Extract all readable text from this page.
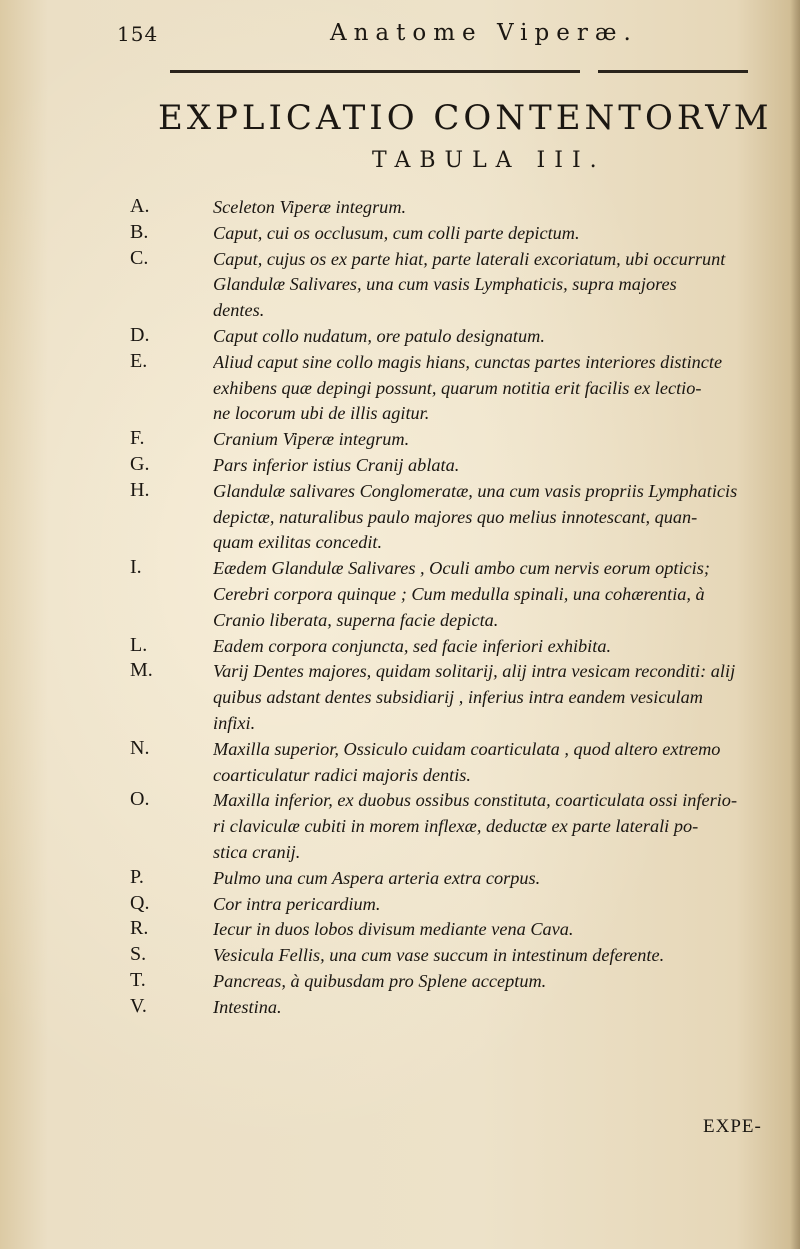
154	Anatome Viperæ.
EXPLICATIO CONTENTORVM
TABULA III.
A.	Sceleton Viperæ integrum.
B.	Caput, cui os occlusum, cum colli parte depictum.
C.	Caput, cujus os ex parte hiat, parte laterali excoriatum, ubi occurrunt
Glandulæ Salivares, una cum vasis Lymphaticis, supra majores
dentes.
D.	Caput collo nudatum, ore patulo designatum.
E.	Aliud caput sine collo magis hians, cunctas partes interiores distincte
exhibens quæ depingi possunt, quarum notitia erit facilis ex lectio-
ne locorum ubi de illis agitur.
F.	Cranium Viperæ integrum.
G.	Pars inferior istius Cranij ablata.
H.	Glandulæ salivares Conglomeratæ, una cum vasis propriis Lymphaticis
depictæ, naturalibus paulo majores quo melius innotescant, quan-
quam exilitas concedit.
I.	Eædem Glandulæ Salivares , Oculi ambo cum nervis eorum opticis;
Cerebri corpora quinque ; Cum medulla spinali, una cohærentia, à
Cranio liberata, superna facie depicta.
L.	Eadem corpora conjuncta, sed facie inferiori exhibita.
M.	Varij Dentes majores, quidam solitarij, alij intra vesicam reconditi: alij
quibus adstant dentes subsidiarij , inferius intra eandem vesiculam
infixi.
N.	Maxilla superior, Ossiculo cuidam coarticulata , quod altero extremo
coarticulatur radici majoris dentis.
O.	Maxilla inferior, ex duobus ossibus constituta, coarticulata ossi inferio-
ri claviculæ cubiti in morem inflexæ, deductæ ex parte laterali po-
stica cranij.
P.	Pulmo una cum Aspera arteria extra corpus.
Q.	Cor intra pericardium.
R.	Iecur in duos lobos divisum mediante vena Cava.
S.	Vesicula Fellis, una cum vase succum in intestinum deferente.
T.	Pancreas, à quibusdam pro Splene acceptum.
V.	Intestina.
EXPE-
